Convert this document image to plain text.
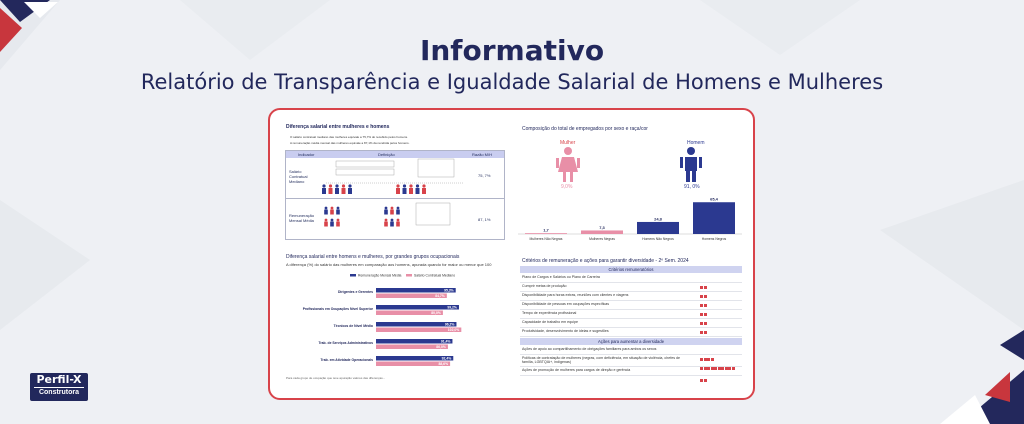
Informativo
Relatório de Transparência e Igualdade Salarial de Homens e Mulheres
Diferença salarial entre mulheres e homens
O salário contratual mediano das mulheres equivale a 75,7% do recebido pelos homens.
A remuneração média mensal das mulheres equivale a 87,1% da recebida pelos homens.
Indicador	Definição	Razão M/H
Salário Contratual Mediano
75, 7%
Remuneração Mensal Média	87, 1%
Composição do total de empregados por sexo e raça/cor
Mulher	Homem
9,0%	91, 0%
1,7
Mulheres Não Negras
7,3
Mulheres Negras
24,8
Homens Não Negros
65,4
Homens Negros
Diferença salarial entre homens e mulheres, por grandes grupos ocupacionais
A diferença (%) do salário das mulheres em comparação aos homens, apurada quando for maior ou menor que 100
Remuneração Mensal Média	Salário Contratual Mediano
Dirigentes e Gerentes	95,3%
84,7%
Profissionais em Ocupações Nível Superior	99,2%
80,0%
Técnicos de Nível Médio	96,2%
102,0%
Trab. de Serviços Administrativos	91,4%
86,0%
Trab. em Atividade Operacionais	92,4%
88,6%
Para cada grupo de ocupação que teve apuração valores das diferenças...
Critérios de remuneração e ações para garantir diversidade - 2º Sem. 2024
Critérios remuneratórios
Plano de Cargos e Salários ou Plano de Carreira
Cumprir metas de produção
Disponibilidade para horas extras, reuniões com clientes e viagens
Disponibilidade de pessoas em ocupações específicas
Tempo de experiência profissional
Capacidade de trabalho em equipe
Produtividade, desenvolvimento de ideias e sugestões
Ações para aumentar a diversidade
Ações de apoio ao compartilhamento de obrigações familiares para ambos os sexos
Políticas de contratação de mulheres (negras, com deficiência, em situação de violência, chefes de família, LGBTQIA+, indígenas)
Ações de promoção de mulheres para cargos de direção e gerência
Perfil-X
Construtora
